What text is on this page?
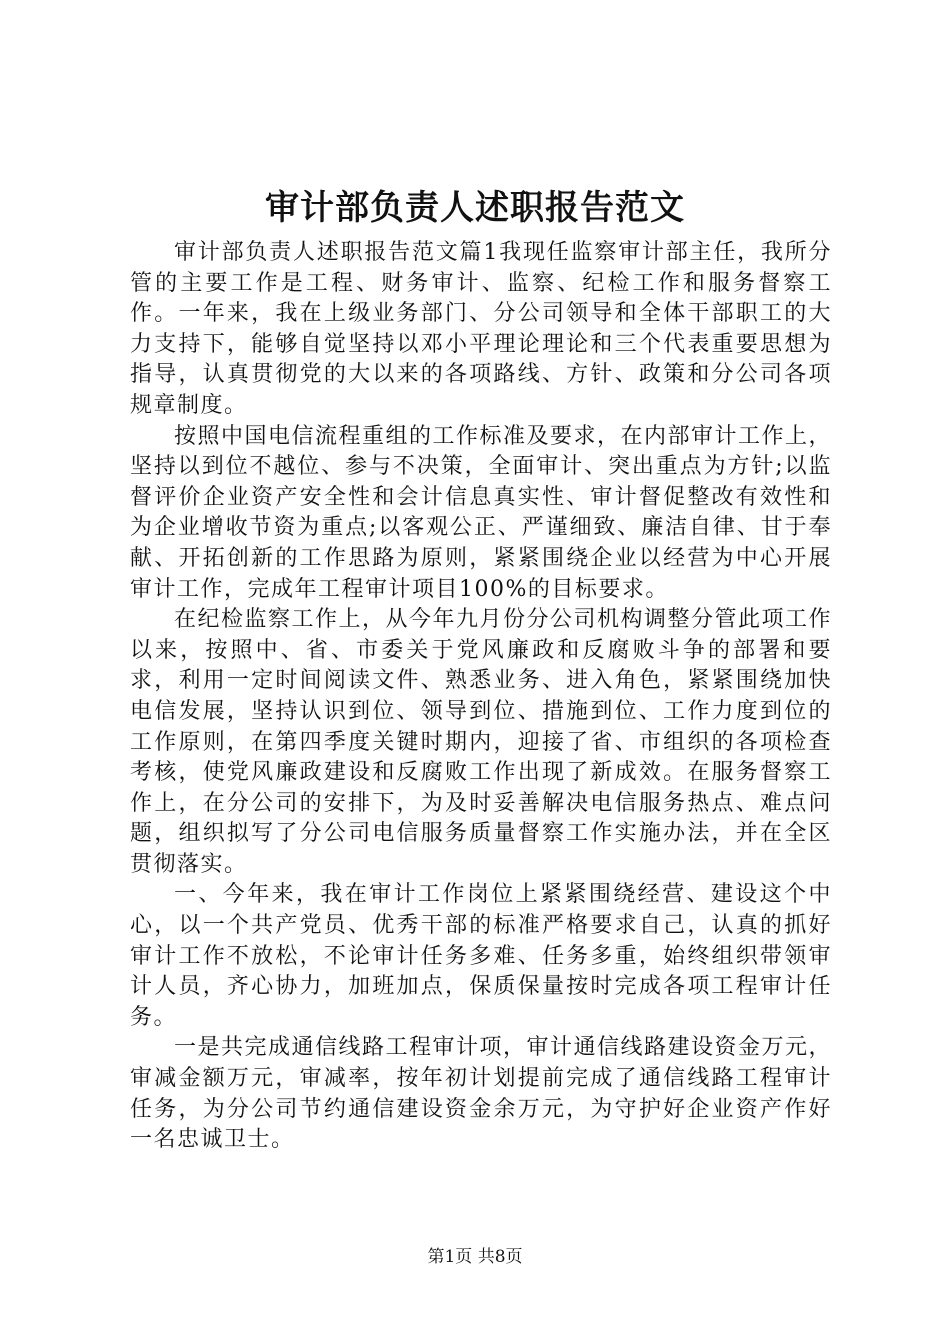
审计部负责人述职报告范文

审计部负责人述职报告范文篇1我现任监察审计部主任，我所分管的主要工作是工程、财务审计、监察、纪检工作和服务督察工作。一年来，我在上级业务部门、分公司领导和全体干部职工的大力支持下，能够自觉坚持以邓小平理论理论和三个代表重要思想为指导，认真贯彻党的大以来的各项路线、方针、政策和分公司各项规章制度。

按照中国电信流程重组的工作标准及要求，在内部审计工作上，坚持以到位不越位、参与不决策，全面审计、突出重点为方针;以监督评价企业资产安全性和会计信息真实性、审计督促整改有效性和为企业增收节资为重点;以客观公正、严谨细致、廉洁自律、甘于奉献、开拓创新的工作思路为原则，紧紧围绕企业以经营为中心开展审计工作，完成年工程审计项目100%的目标要求。

在纪检监察工作上，从今年九月份分公司机构调整分管此项工作以来，按照中、省、市委关于党风廉政和反腐败斗争的部署和要求，利用一定时间阅读文件、熟悉业务、进入角色，紧紧围绕加快电信发展，坚持认识到位、领导到位、措施到位、工作力度到位的工作原则，在第四季度关键时期内，迎接了省、市组织的各项检查考核，使党风廉政建设和反腐败工作出现了新成效。在服务督察工作上，在分公司的安排下，为及时妥善解决电信服务热点、难点问题，组织拟写了分公司电信服务质量督察工作实施办法，并在全区贯彻落实。

一、今年来，我在审计工作岗位上紧紧围绕经营、建设这个中心，以一个共产党员、优秀干部的标准严格要求自己，认真的抓好审计工作不放松，不论审计任务多难、任务多重，始终组织带领审计人员，齐心协力，加班加点，保质保量按时完成各项工程审计任务。

一是共完成通信线路工程审计项，审计通信线路建设资金万元，审减金额万元，审减率，按年初计划提前完成了通信线路工程审计任务，为分公司节约通信建设资金余万元，为守护好企业资产作好一名忠诚卫士。

第1页 共8页
